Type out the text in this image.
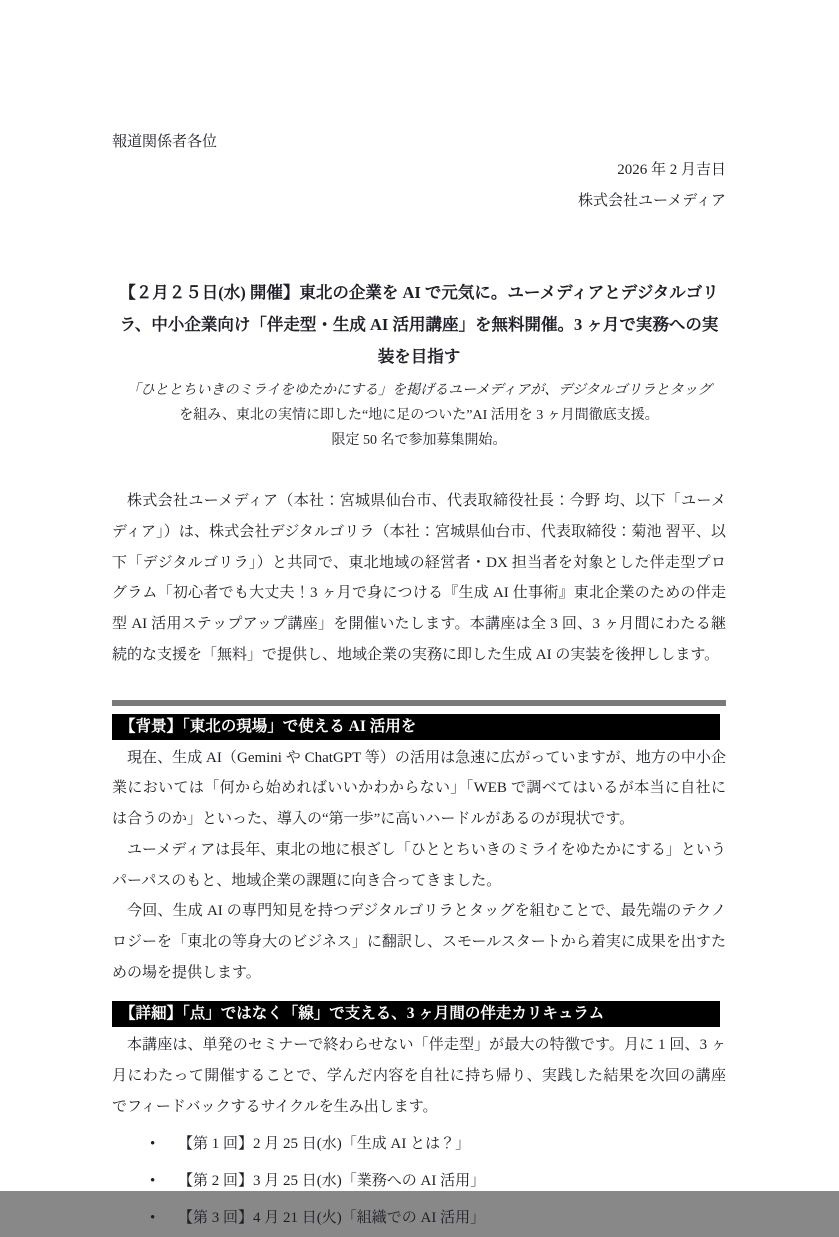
報道関係者各位
2026 年 2 月吉日
株式会社ユーメディア
【２月２５日(水) 開催】東北の企業を AI で元気に。ユーメディアとデジタルゴリラ、中小企業向け「伴走型・生成 AI 活用講座」を無料開催。3 ヶ月で実務への実装を目指す
「ひととちいきのミライをゆたかにする」を掲げるユーメディアが、デジタルゴリラとタッグ
を組み、東北の実情に即した“地に足のついた”AI 活用を 3 ヶ月間徹底支援。
限定 50 名で参加募集開始。

株式会社ユーメディア（本社：宮城県仙台市、代表取締役社長：今野 均、以下「ユーメディア」）は、株式会社デジタルゴリラ（本社：宮城県仙台市、代表取締役：菊池 習平、以下「デジタルゴリラ」）と共同で、東北地域の経営者・DX 担当者を対象とした伴走型プログラム「初心者でも大丈夫！3 ヶ月で身につける『生成 AI 仕事術』東北企業のための伴走型 AI 活用ステップアップ講座」を開催いたします。本講座は全 3 回、3 ヶ月間にわたる継続的な支援を「無料」で提供し、地域企業の実務に即した生成 AI の実装を後押しします。

【背景】「東北の現場」で使える AI 活用を

現在、生成 AI（Gemini や ChatGPT 等）の活用は急速に広がっていますが、地方の中小企業においては「何から始めればいいかわからない」「WEB で調べてはいるが本当に自社には合うのか」といった、導入の“第一歩”に高いハードルがあるのが現状です。

ユーメディアは長年、東北の地に根ざし「ひととちいきのミライをゆたかにする」というパーパスのもと、地域企業の課題に向き合ってきました。

今回、生成 AI の専門知見を持つデジタルゴリラとタッグを組むことで、最先端のテクノロジーを「東北の等身大のビジネス」に翻訳し、スモールスタートから着実に成果を出すための場を提供します。

【詳細】「点」ではなく「線」で支える、3 ヶ月間の伴走カリキュラム

本講座は、単発のセミナーで終わらせない「伴走型」が最大の特徴です。月に 1 回、3 ヶ月にわたって開催することで、学んだ内容を自社に持ち帰り、実践した結果を次回の講座でフィードバックするサイクルを生み出します。

• 【第 1 回】2 月 25 日(水)「生成 AI とは？」
• 【第 2 回】3 月 25 日(水)「業務への AI 活用」
• 【第 3 回】4 月 21 日(火)「組織での AI 活用」
